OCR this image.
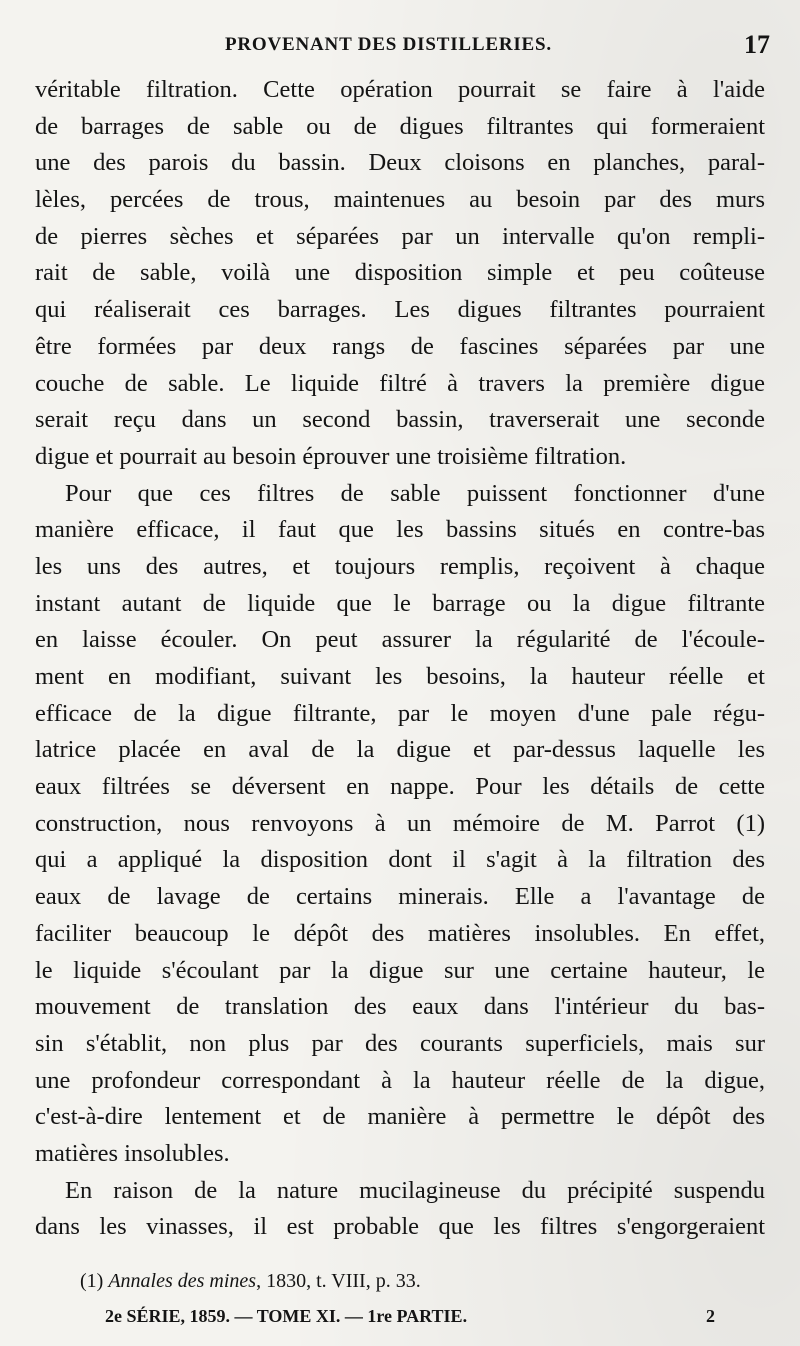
PROVENANT DES DISTILLERIES.	17
véritable filtration. Cette opération pourrait se faire à l'aide
de barrages de sable ou de digues filtrantes qui formeraient
une des parois du bassin. Deux cloisons en planches, paral-
lèles, percées de trous, maintenues au besoin par des murs
de pierres sèches et séparées par un intervalle qu'on rempli-
rait de sable, voilà une disposition simple et peu coûteuse
qui réaliserait ces barrages. Les digues filtrantes pourraient
être formées par deux rangs de fascines séparées par une
couche de sable. Le liquide filtré à travers la première digue
serait reçu dans un second bassin, traverserait une seconde
digue et pourrait au besoin éprouver une troisième filtration.
Pour que ces filtres de sable puissent fonctionner d'une
manière efficace, il faut que les bassins situés en contre-bas
les uns des autres, et toujours remplis, reçoivent à chaque
instant autant de liquide que le barrage ou la digue filtrante
en laisse écouler. On peut assurer la régularité de l'écoule-
ment en modifiant, suivant les besoins, la hauteur réelle et
efficace de la digue filtrante, par le moyen d'une pale régu-
latrice placée en aval de la digue et par-dessus laquelle les
eaux filtrées se déversent en nappe. Pour les détails de cette
construction, nous renvoyons à un mémoire de M. Parrot (1)
qui a appliqué la disposition dont il s'agit à la filtration des
eaux de lavage de certains minerais. Elle a l'avantage de
faciliter beaucoup le dépôt des matières insolubles. En effet,
le liquide s'écoulant par la digue sur une certaine hauteur, le
mouvement de translation des eaux dans l'intérieur du bas-
sin s'établit, non plus par des courants superficiels, mais sur
une profondeur correspondant à la hauteur réelle de la digue,
c'est-à-dire lentement et de manière à permettre le dépôt des
matières insolubles.
En raison de la nature mucilagineuse du précipité suspendu
dans les vinasses, il est probable que les filtres s'engorgeraient
(1) Annales des mines, 1830, t. VIII, p. 33.
2e SÉRIE, 1859. — TOME XI. — 1re PARTIE.	2
